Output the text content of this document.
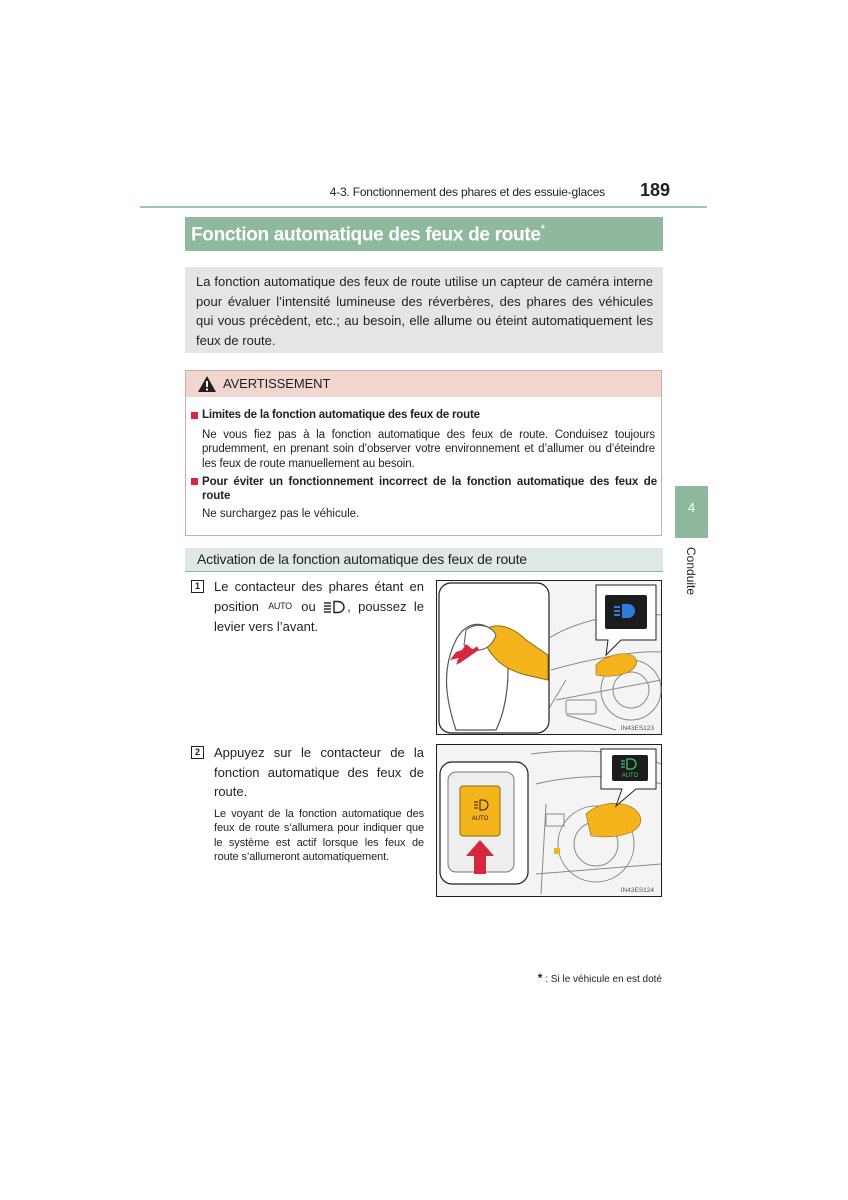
4-3. Fonctionnement des phares et des essuie-glaces	189
Fonction automatique des feux de route*
La fonction automatique des feux de route utilise un capteur de caméra interne pour évaluer l’intensité lumineuse des réverbères, des phares des véhicules qui vous précèdent, etc.; au besoin, elle allume ou éteint automatiquement les feux de route.
AVERTISSEMENT
Limites de la fonction automatique des feux de route
Ne vous fiez pas à la fonction automatique des feux de route. Conduisez toujours prudemment, en prenant soin d’observer votre environnement et d’allumer ou d’éteindre les feux de route manuellement au besoin.
Pour éviter un fonctionnement incorrect de la fonction automatique des feux de route
Ne surchargez pas le véhicule.	4
Conduite
Activation de la fonction automatique des feux de route
1	Le contacteur des phares étant en position AUTO ou , poussez le levier vers l’avant.
IN43ES123
2	Appuyez sur le contacteur de la fonction automatique des feux de route.
Le voyant de la fonction automatique des feux de route s’allumera pour indiquer que le système est actif lorsque les feux de route s’allumeront automatiquement.
AUTO
AUTO
IN43ES124
* : Si le véhicule en est doté
